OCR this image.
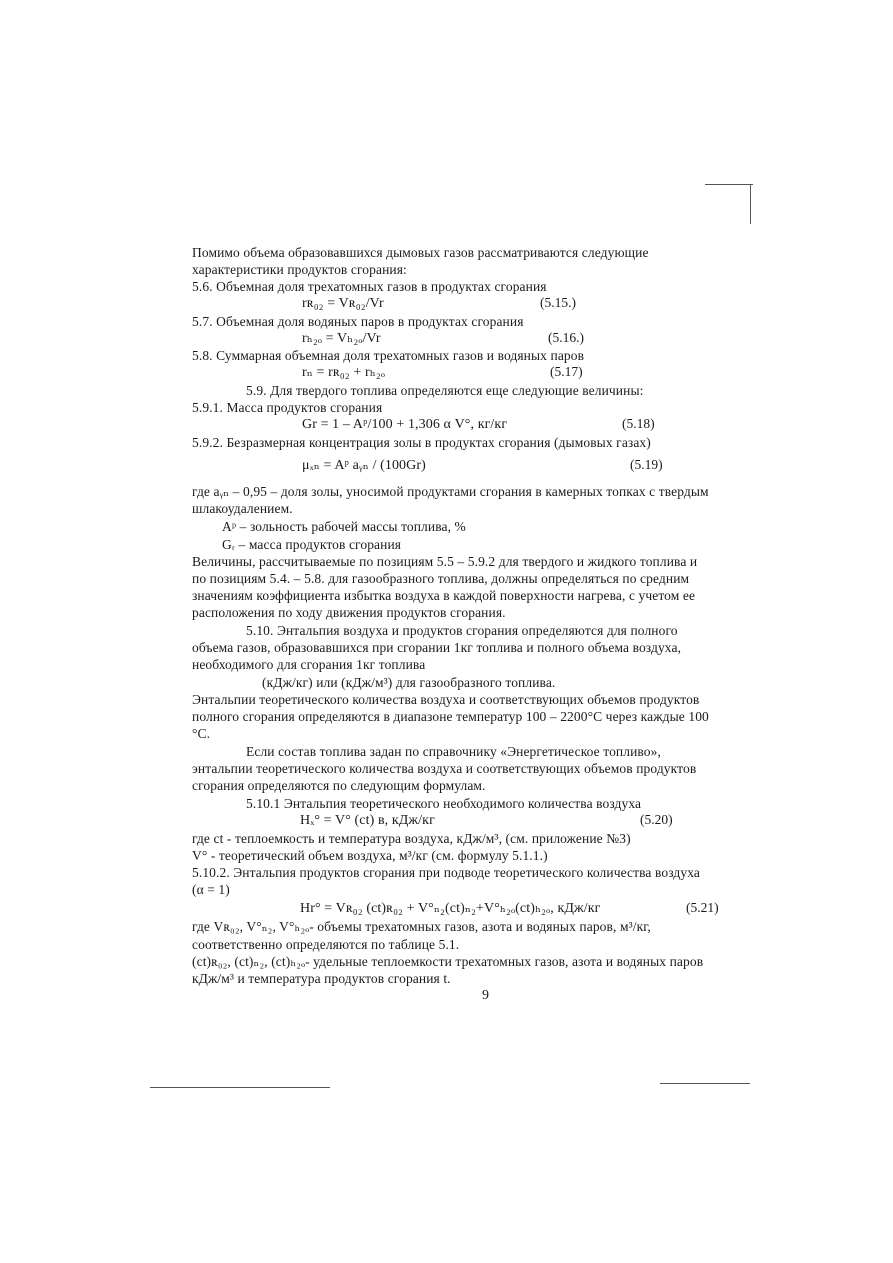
Помимо объема образовавшихся дымовых газов рассматриваются следующие
характеристики продуктов сгорания:
5.6. Объемная доля трехатомных газов в продуктах сгорания
rʀ₀₂ = Vʀ₀₂/Vr	(5.15.)
5.7. Объемная доля водяных паров в продуктах сгорания
rₕ₂ₒ = Vₕ₂ₒ/Vr	(5.16.)
5.8. Суммарная объемная доля трехатомных газов и водяных паров
rₙ = rʀ₀₂ + rₕ₂ₒ	(5.17)
5.9. Для твердого топлива определяются еще следующие величины:
5.9.1. Масса продуктов сгорания
Gr = 1 – Aᵖ/100 + 1,306 α V°, кг/кг	(5.18)
5.9.2. Безразмерная концентрация золы в продуктах сгорания (дымовых газах)
μₓₙ = Aᵖ aᵧₙ / (100Gr)	(5.19)
где aᵧₙ – 0,95 – доля золы, уносимой продуктами сгорания в камерных топках с твердым
шлакоудалением.
Aᵖ – зольность рабочей массы топлива, %
Gᵣ – масса продуктов сгорания
Величины, рассчитываемые по позициям 5.5 – 5.9.2 для твердого и жидкого топлива и
по позициям 5.4. – 5.8. для газообразного топлива, должны определяться по средним
значениям коэффициента избытка воздуха в каждой поверхности нагрева, с учетом ее
расположения по ходу движения продуктов сгорания.
5.10. Энтальпия воздуха и продуктов сгорания определяются для полного
объема газов, образовавшихся при сгорании 1кг топлива и полного объема воздуха,
необходимого для сгорания 1кг топлива
(кДж/кг) или (кДж/м³) для газообразного топлива.
Энтальпии теоретического количества воздуха и соответствующих объемов продуктов
полного сгорания определяются в диапазоне температур 100 – 2200°С через каждые 100
°С.
Если состав топлива задан по справочнику «Энергетическое топливо»,
энтальпии теоретического количества воздуха и соответствующих объемов продуктов
сгорания определяются по следующим формулам.
5.10.1 Энтальпия теоретического необходимого количества воздуха
Hₓ° = V° (ct) в, кДж/кг	(5.20)
где ct - теплоемкость и температура воздуха, кДж/м³, (см. приложение №3)
V° - теоретический объем воздуха, м³/кг (см. формулу 5.1.1.)
5.10.2. Энтальпия продуктов сгорания при подводе теоретического количества воздуха
(α = 1)
Hr° = Vʀ₀₂ (ct)ʀ₀₂ + V°ₙ₂(ct)ₙ₂+V°ₕ₂ₒ(ct)ₕ₂ₒ, кДж/кг	(5.21)
где Vʀ₀₂, V°ₙ₂, V°ₕ₂ₒ- объемы трехатомных газов, азота и водяных паров, м³/кг,
соответственно определяются по таблице 5.1.
(ct)ʀ₀₂, (ct)ₙ₂, (ct)ₕ₂ₒ- удельные теплоемкости трехатомных газов, азота и водяных паров
кДж/м³ и температура продуктов сгорания t.
9
